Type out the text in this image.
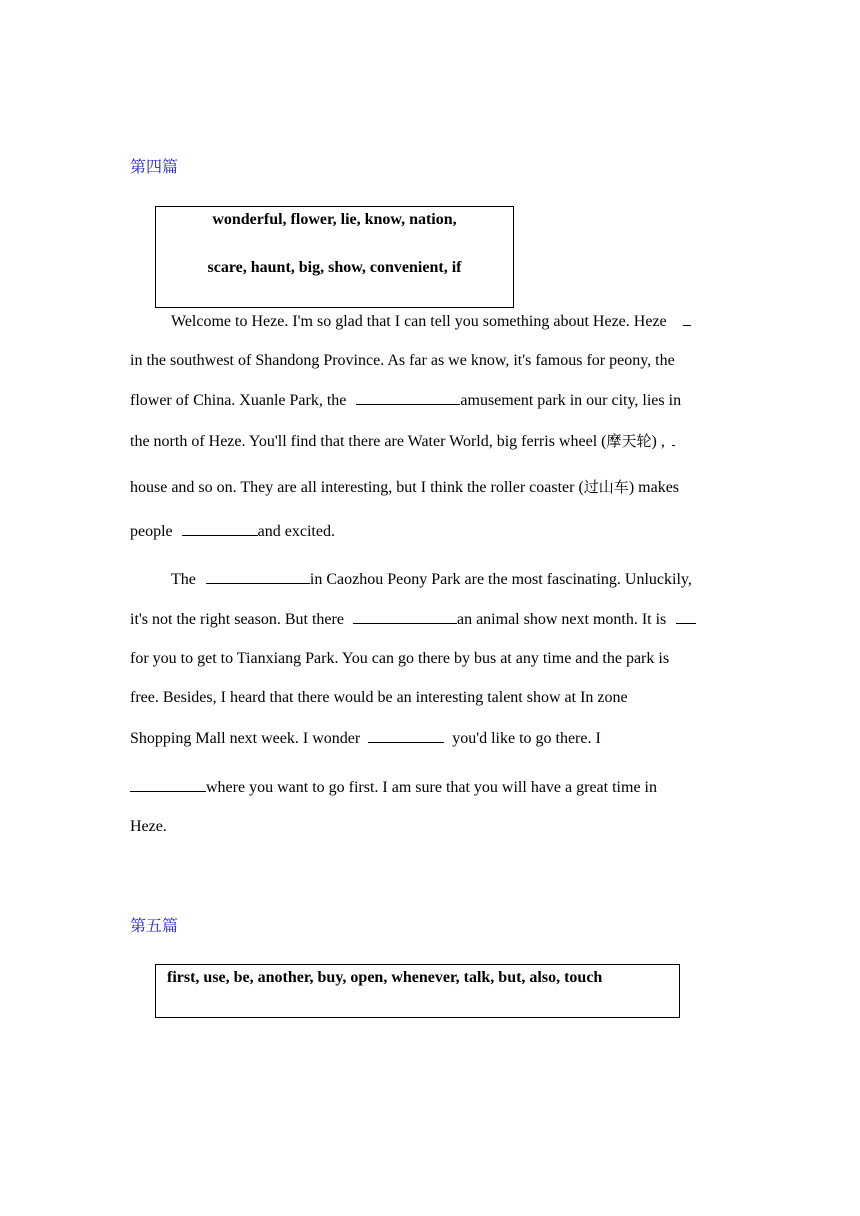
第四篇
wonderful, flower, lie, know, nation,
scare, haunt, big, show, convenient, if
Welcome to Heze. I'm so glad that I can tell you something about Heze. Heze
in the southwest of Shandong Province. As far as we know, it's famous for peony, the
flower of China. Xuanle Park, the	amusement park in our city, lies in
the north of Heze. You'll find that there are Water World, big ferris wheel (摩天轮) ,
house and so on. They are all interesting, but I think the roller coaster (过山车) makes
people	and excited.
The	in Caozhou Peony Park are the most fascinating. Unluckily,
it's not the right season. But there	an animal show next month. It is
for you to get to Tianxiang Park. You can go there by bus at any time and the park is
free. Besides, I heard that there would be an interesting talent show at In zone
Shopping Mall next week. I wonder	you'd like to go there. I
where you want to go first. I am sure that you will have a great time in
Heze.
第五篇
first, use, be, another, buy, open, whenever, talk, but, also, touch
